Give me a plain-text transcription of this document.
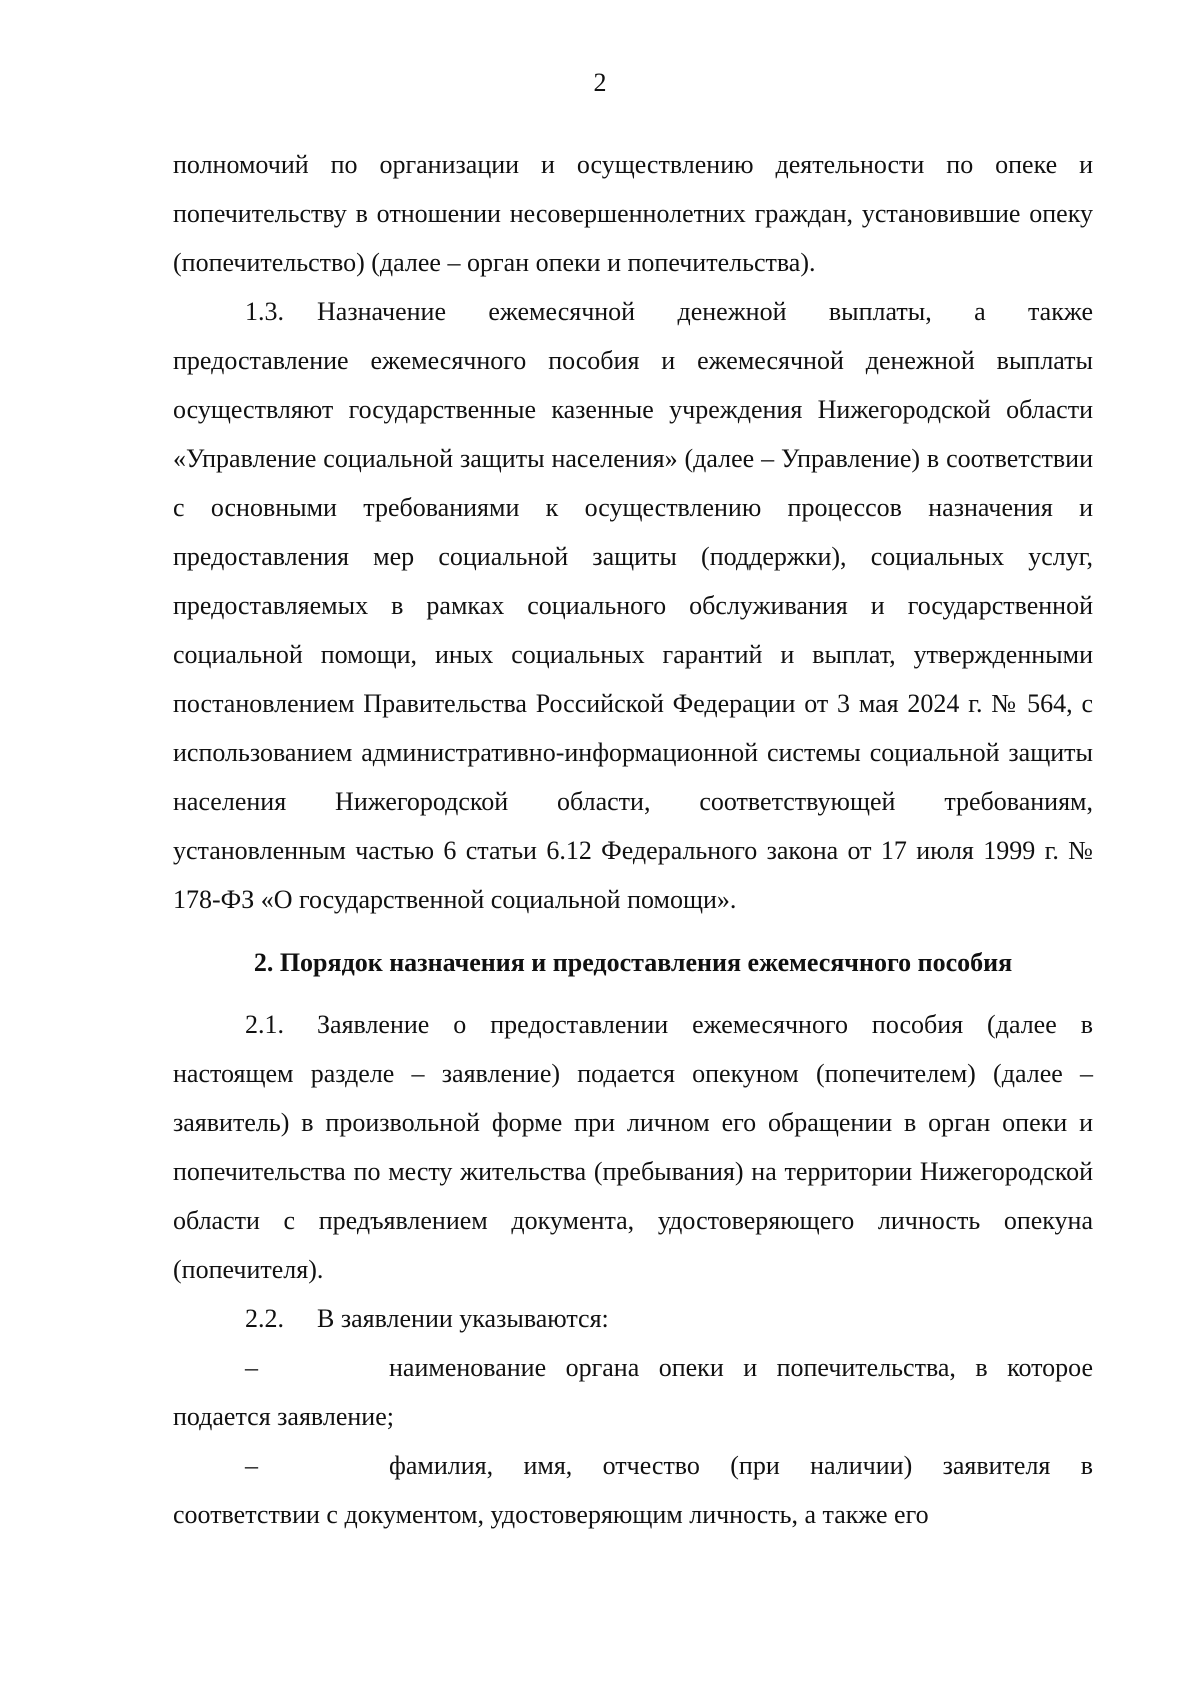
2

полномочий по организации и осуществлению деятельности по опеке и попечительству в отношении несовершеннолетних граждан, установившие опеку (попечительство) (далее – орган опеки и попечительства).

1.3. Назначение ежемесячной денежной выплаты, а также предоставление ежемесячного пособия и ежемесячной денежной выплаты осуществляют государственные казенные учреждения Нижегородской области «Управление социальной защиты населения» (далее – Управление) в соответствии с основными требованиями к осуществлению процессов назначения и предоставления мер социальной защиты (поддержки), социальных услуг, предоставляемых в рамках социального обслуживания и государственной социальной помощи, иных социальных гарантий и выплат, утвержденными постановлением Правительства Российской Федерации от 3 мая 2024 г. № 564, с использованием административно-информационной системы социальной защиты населения Нижегородской области, соответствующей требованиям, установленным частью 6 статьи 6.12 Федерального закона от 17 июля 1999 г. № 178-ФЗ «О государственной социальной помощи».

2. Порядок назначения и предоставления ежемесячного пособия

2.1. Заявление о предоставлении ежемесячного пособия (далее в настоящем разделе – заявление) подается опекуном (попечителем) (далее – заявитель) в произвольной форме при личном его обращении в орган опеки и попечительства по месту жительства (пребывания) на территории Нижегородской области с предъявлением документа, удостоверяющего личность опекуна (попечителя).

2.2. В заявлении указываются:

–	наименование органа опеки и попечительства, в которое подается заявление;

–	фамилия, имя, отчество (при наличии) заявителя в соответствии с документом, удостоверяющим личность, а также его
